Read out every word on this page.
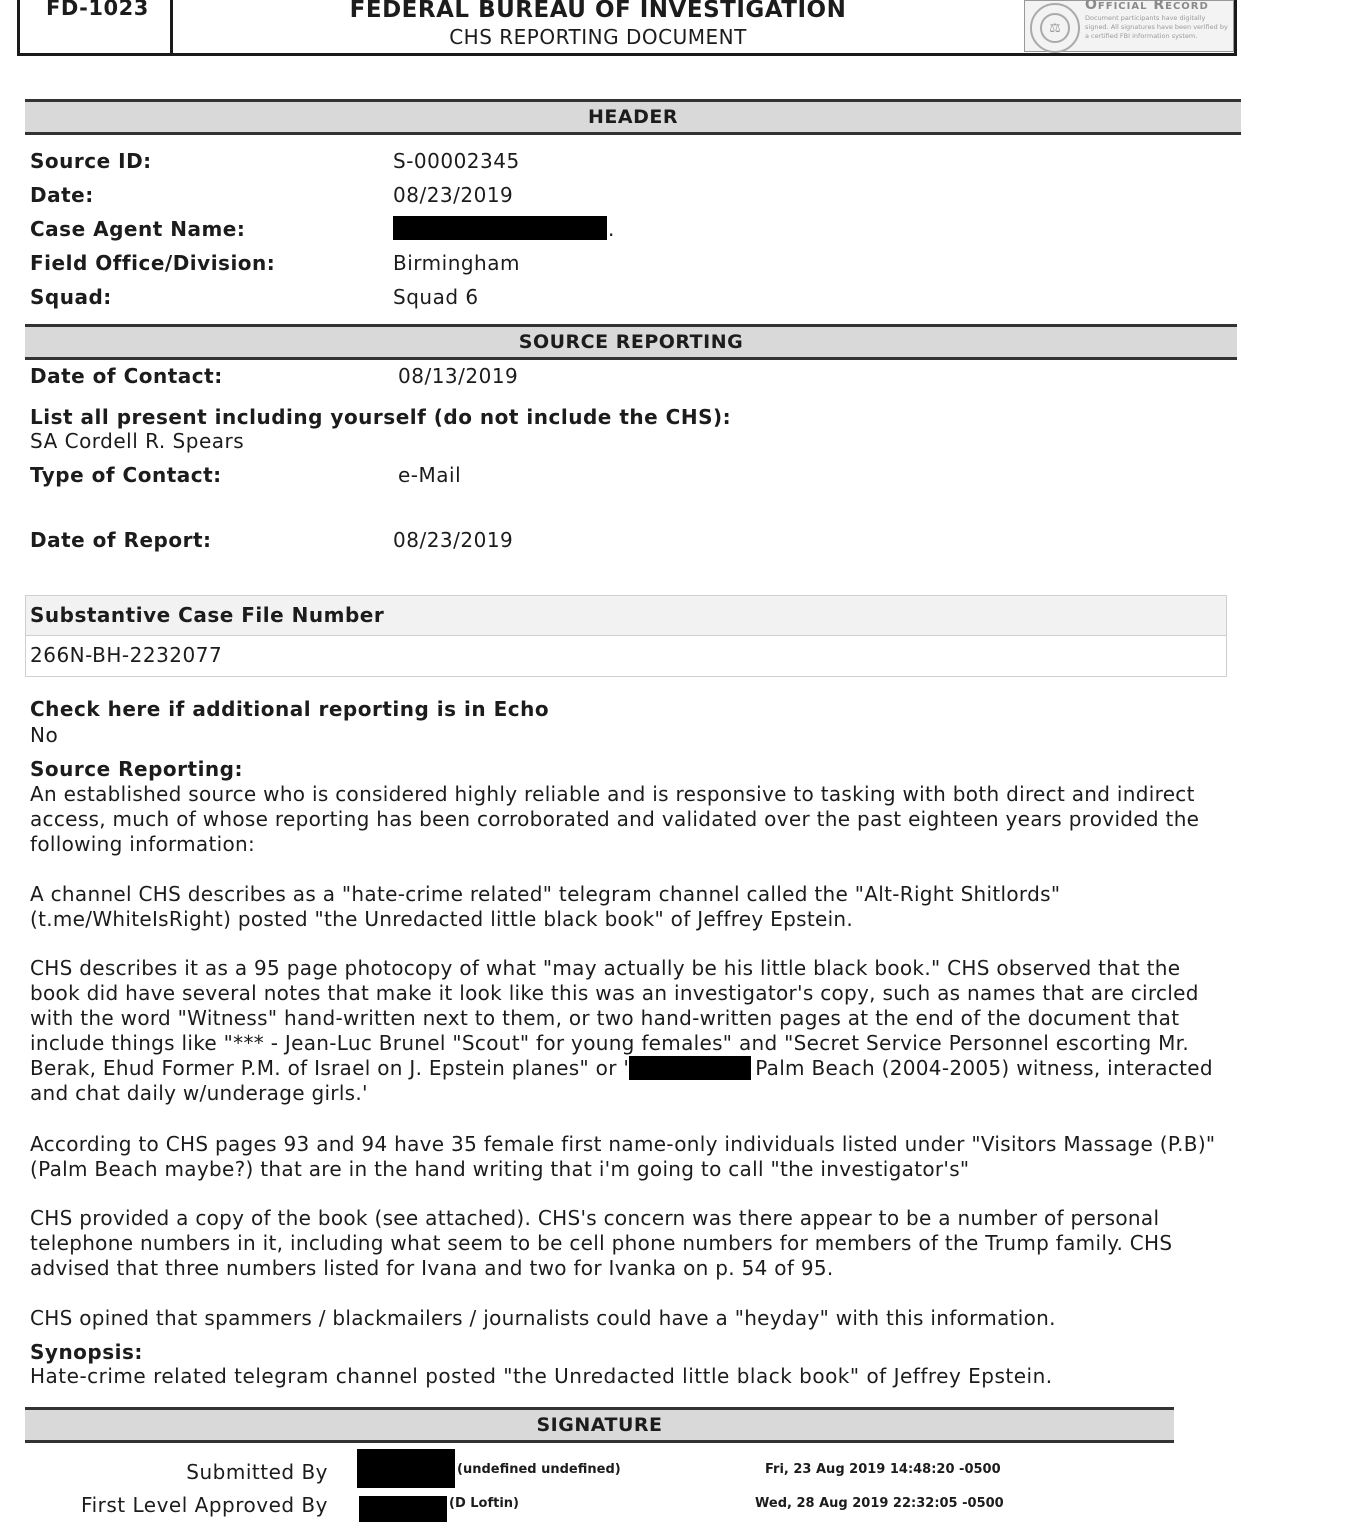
FD-1023	FEDERAL BUREAU OF INVESTIGATION
CHS REPORTING DOCUMENT	⚖
Official Record
Document participants have digitally signed. All signatures have been verified by a certified FBI information system.
HEADER
Source ID:	S-00002345
Date:	08/23/2019
Case Agent Name:	.
Field Office/Division:	Birmingham
Squad:	Squad 6
SOURCE REPORTING
Date of Contact:	08/13/2019
List all present including yourself (do not include the CHS):
SA Cordell R. Spears
Type of Contact:	e-Mail
Date of Report:	08/23/2019
Substantive Case File Number
266N-BH-2232077
Check here if additional reporting is in Echo
No
Source Reporting:
An established source who is considered highly reliable and is responsive to tasking with both direct and indirect access, much of whose reporting has been corroborated and validated over the past eighteen years provided the following information:
A channel CHS describes as a "hate-crime related" telegram channel called the "Alt-Right Shitlords" (t.me/WhiteIsRight) posted "the Unredacted little black book" of Jeffrey Epstein.
CHS describes it as a 95 page photocopy of what "may actually be his little black book." CHS observed that the book did have several notes that make it look like this was an investigator's copy, such as names that are circled with the word "Witness" hand-written next to them, or two hand-written pages at the end of the document that include things like "*** - Jean-Luc Brunel "Scout" for young females" and "Secret Service Personnel escorting Mr. Berak, Ehud Former P.M. of Israel on J. Epstein planes" or '	Palm Beach (2004-2005) witness, interacted and chat daily w/underage girls.'
According to CHS pages 93 and 94 have 35 female first name-only individuals listed under "Visitors Massage (P.B)" (Palm Beach maybe?) that are in the hand writing that i'm going to call "the investigator's"
CHS provided a copy of the book (see attached). CHS's concern was there appear to be a number of personal telephone numbers in it, including what seem to be cell phone numbers for members of the Trump family. CHS advised that three numbers listed for Ivana and two for Ivanka on p. 54 of 95.
CHS opined that spammers / blackmailers / journalists could have a "heyday" with this information.
Synopsis:
Hate-crime related telegram channel posted "the Unredacted little black book" of Jeffrey Epstein.
SIGNATURE
Submitted By	(undefined undefined)	Fri, 23 Aug 2019 14:48:20 -0500
First Level Approved By	(D Loftin)	Wed, 28 Aug 2019 22:32:05 -0500
